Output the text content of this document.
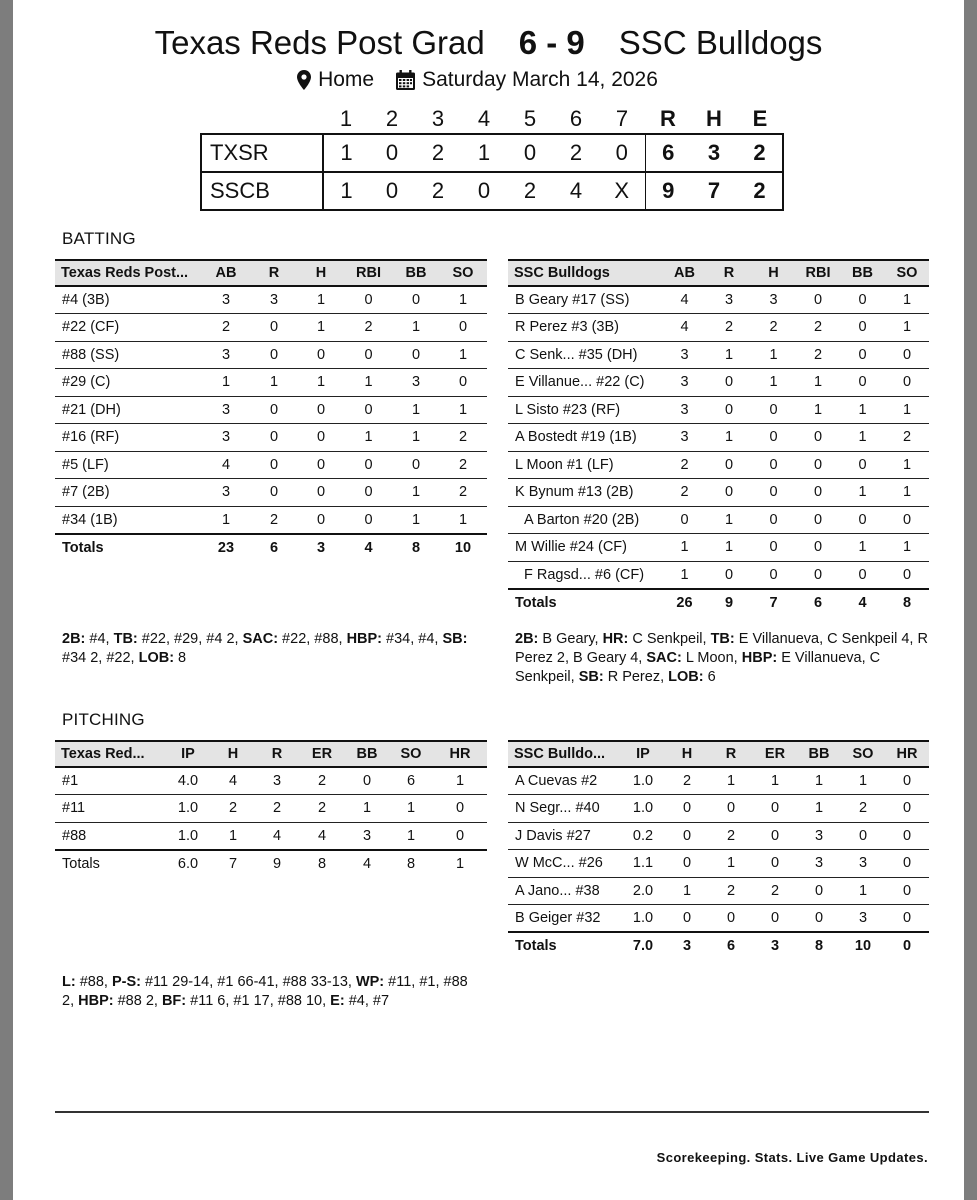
Texas Reds Post Grad 6 - 9 SSC Bulldogs
Home Saturday March 14, 2026
	1	2	3	4	5	6	7	R	H	E
TXSR	1	0	2	1	0	2	0	6	3	2
SSCB	1	0	2	0	2	4	X	9	7	2
BATTING
Texas Reds Post...	AB	R	H	RBI	BB	SO
#4 (3B)	3	3	1	0	0	1
#22 (CF)	2	0	1	2	1	0
#88 (SS)	3	0	0	0	0	1
#29 (C)	1	1	1	1	3	0
#21 (DH)	3	0	0	0	1	1
#16 (RF)	3	0	0	1	1	2
#5 (LF)	4	0	0	0	0	2
#7 (2B)	3	0	0	0	1	2
#34 (1B)	1	2	0	0	1	1
Totals	23	6	3	4	8	10
SSC Bulldogs	AB	R	H	RBI	BB	SO
B Geary #17 (SS)	4	3	3	0	0	1
R Perez #3 (3B)	4	2	2	2	0	1
C Senk... #35 (DH)	3	1	1	2	0	0
E Villanue... #22 (C)	3	0	1	1	0	0
L Sisto #23 (RF)	3	0	0	1	1	1
A Bostedt #19 (1B)	3	1	0	0	1	2
L Moon #1 (LF)	2	0	0	0	0	1
K Bynum #13 (2B)	2	0	0	0	1	1
A Barton #20 (2B)	0	1	0	0	0	0
M Willie #24 (CF)	1	1	0	0	1	1
F Ragsd... #6 (CF)	1	0	0	0	0	0
Totals	26	9	7	6	4	8
2B: #4, TB: #22, #29, #4 2, SAC: #22, #88, HBP: #34, #4, SB: #34 2, #22, LOB: 8
2B: B Geary, HR: C Senkpeil, TB: E Villanueva, C Senkpeil 4, R Perez 2, B Geary 4, SAC: L Moon, HBP: E Villanueva, C Senkpeil, SB: R Perez, LOB: 6
PITCHING
Texas Red...	IP	H	R	ER	BB	SO	HR
#1	4.0	4	3	2	0	6	1
#11	1.0	2	2	2	1	1	0
#88	1.0	1	4	4	3	1	0
Totals	6.0	7	9	8	4	8	1
SSC Bulldo...	IP	H	R	ER	BB	SO	HR
A Cuevas #2	1.0	2	1	1	1	1	0
N Segr... #40	1.0	0	0	0	1	2	0
J Davis #27	0.2	0	2	0	3	0	0
W McC... #26	1.1	0	1	0	3	3	0
A Jano... #38	2.0	1	2	2	0	1	0
B Geiger #32	1.0	0	0	0	0	3	0
Totals	7.0	3	6	3	8	10	0
L: #88, P-S: #11 29-14, #1 66-41, #88 33-13, WP: #11, #1, #88 2, HBP: #88 2, BF: #11 6, #1 17, #88 10, E: #4, #7
Scorekeeping. Stats. Live Game Updates.
